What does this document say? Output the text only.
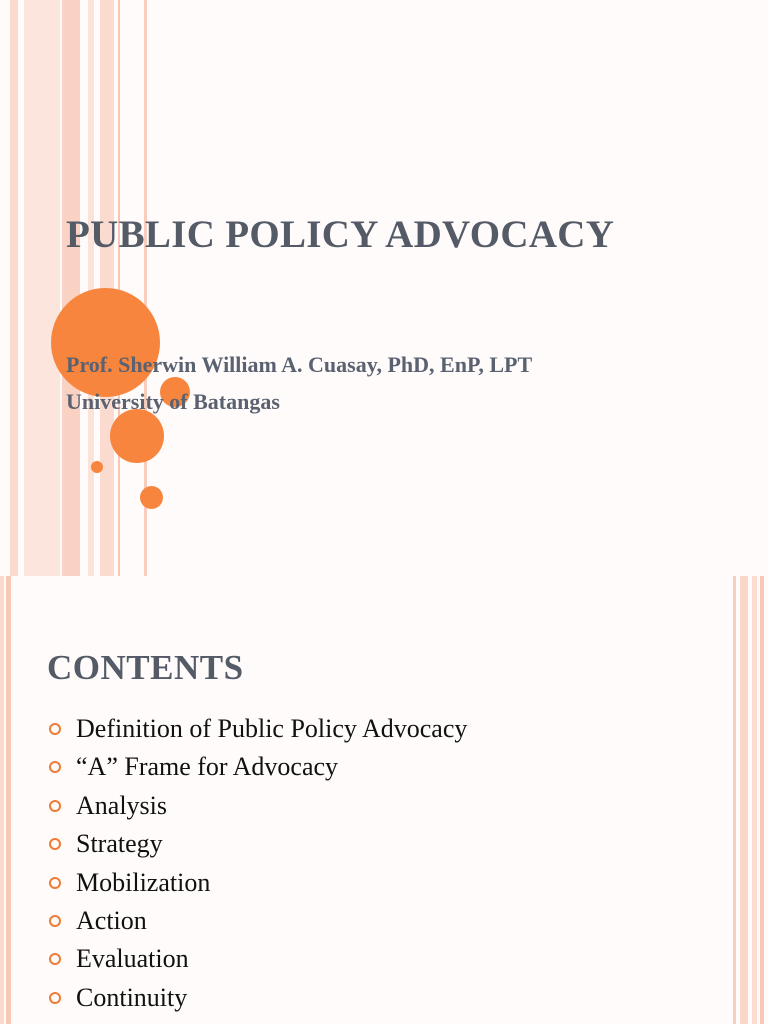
PUBLIC POLICY ADVOCACY

Prof. Sherwin William A. Cuasay, PhD, EnP, LPT

University of Batangas

CONTENTS
Definition of Public Policy Advocacy
“A” Frame for Advocacy
Analysis
Strategy
Mobilization
Action
Evaluation
Continuity
